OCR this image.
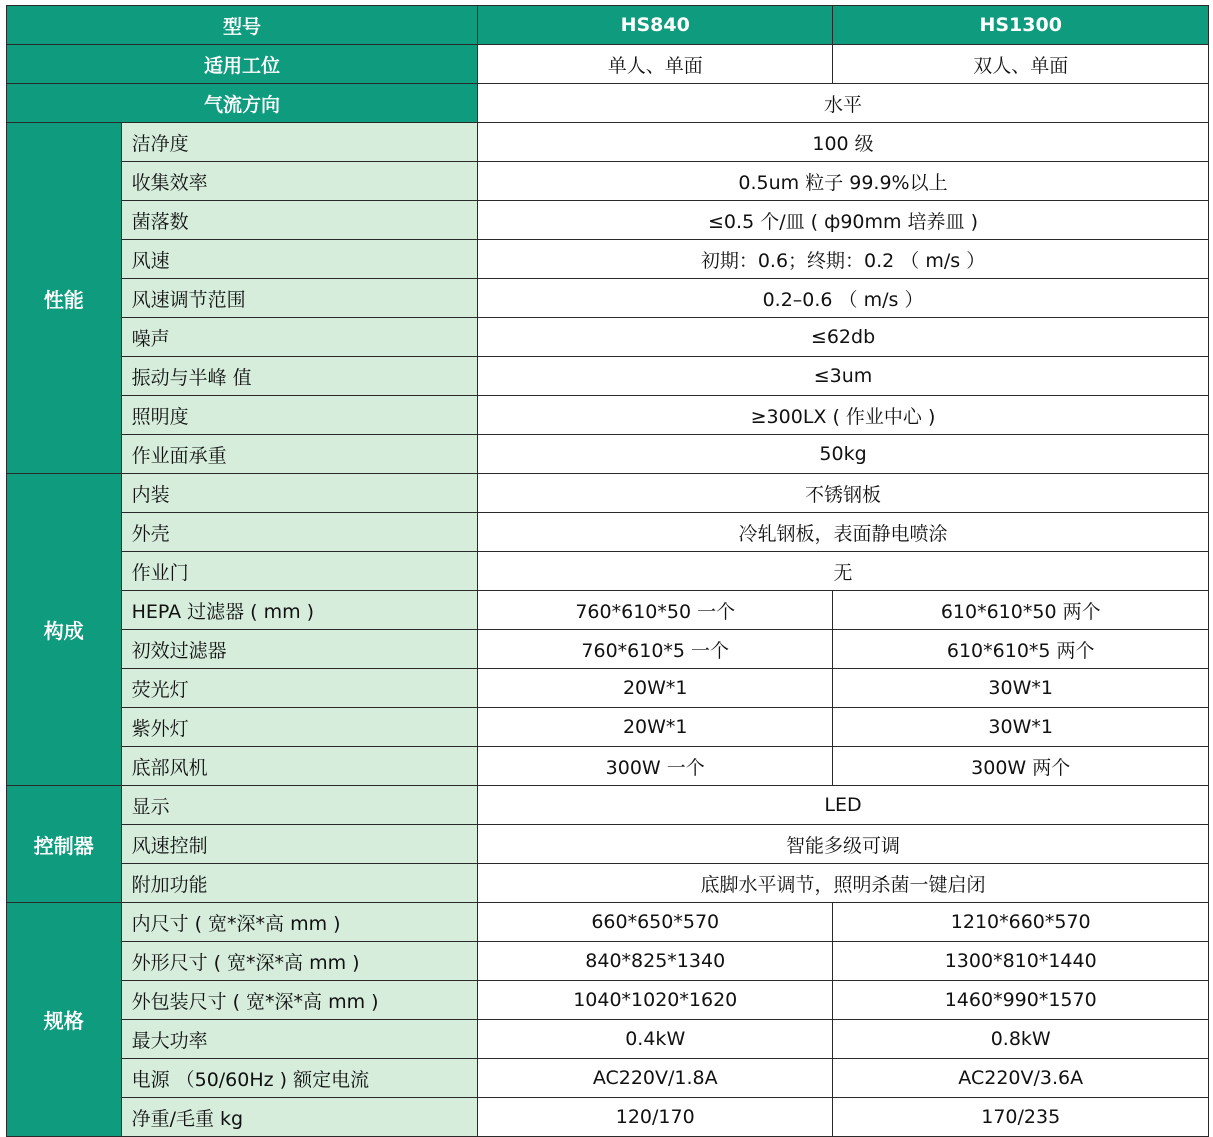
型号		HS840	HS1300
适用工位		单人、单面	双人、单面
气流方向		水平	
性能	洁净度	100 级	
	收集效率	0.5um 粒子 99.9%以上	
	菌落数	≤0.5 个/皿 ( ф90mm 培养皿 )	
	风速	初期：0.6；终期：0.2 （ m/s ）	
	风速调节范围	0.2–0.6 （ m/s ）	
	噪声	≤62db	
	振动与半峰 值	≤3um	
	照明度	≥300LX ( 作业中心 )	
	作业面承重	50kg	
构成	内装	不锈钢板	
	外壳	冷轧钢板，表面静电喷涂	
	作业门	无	
	HEPA 过滤器 ( mm )	760*610*50 一个	610*610*50 两个
	初效过滤器	760*610*5 一个	610*610*5 两个
	荧光灯	20W*1	30W*1
	紫外灯	20W*1	30W*1
	底部风机	300W 一个	300W 两个
控制器	显示	LED	
	风速控制	智能多级可调	
	附加功能	底脚水平调节，照明杀菌一键启闭	
规格	内尺寸 ( 宽*深*高 mm )	660*650*570	1210*660*570
	外形尺寸 ( 宽*深*高 mm )	840*825*1340	1300*810*1440
	外包装尺寸 ( 宽*深*高 mm )	1040*1020*1620	1460*990*1570
	最大功率	0.4kW	0.8kW
	电源 （50/60Hz ) 额定电流	AC220V/1.8A	AC220V/3.6A
	净重/毛重 kg	120/170	170/235
